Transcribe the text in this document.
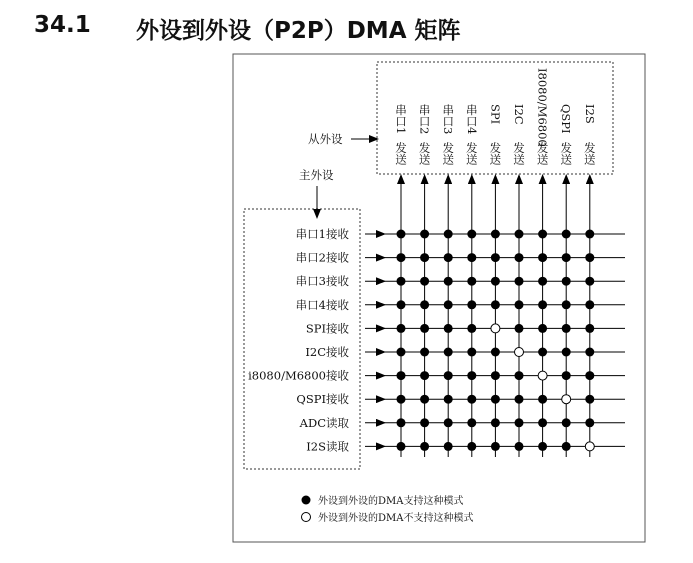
34.1 外设到外设（P2P）DMA 矩阵
从外设
主外设
串口1
发送
串口2
发送
串口3
发送
串口4
发送
SPI
发送
I2C
发送
I8080/M6800
发送
QSPI
发送
I2S
发送
串口1接收
串口2接收
串口3接收
串口4接收
SPI接收
I2C接收
i8080/M6800接收
QSPI接收
ADC读取
I2S读取
外设到外设的DMA支持这种模式
外设到外设的DMA不支持这种模式
